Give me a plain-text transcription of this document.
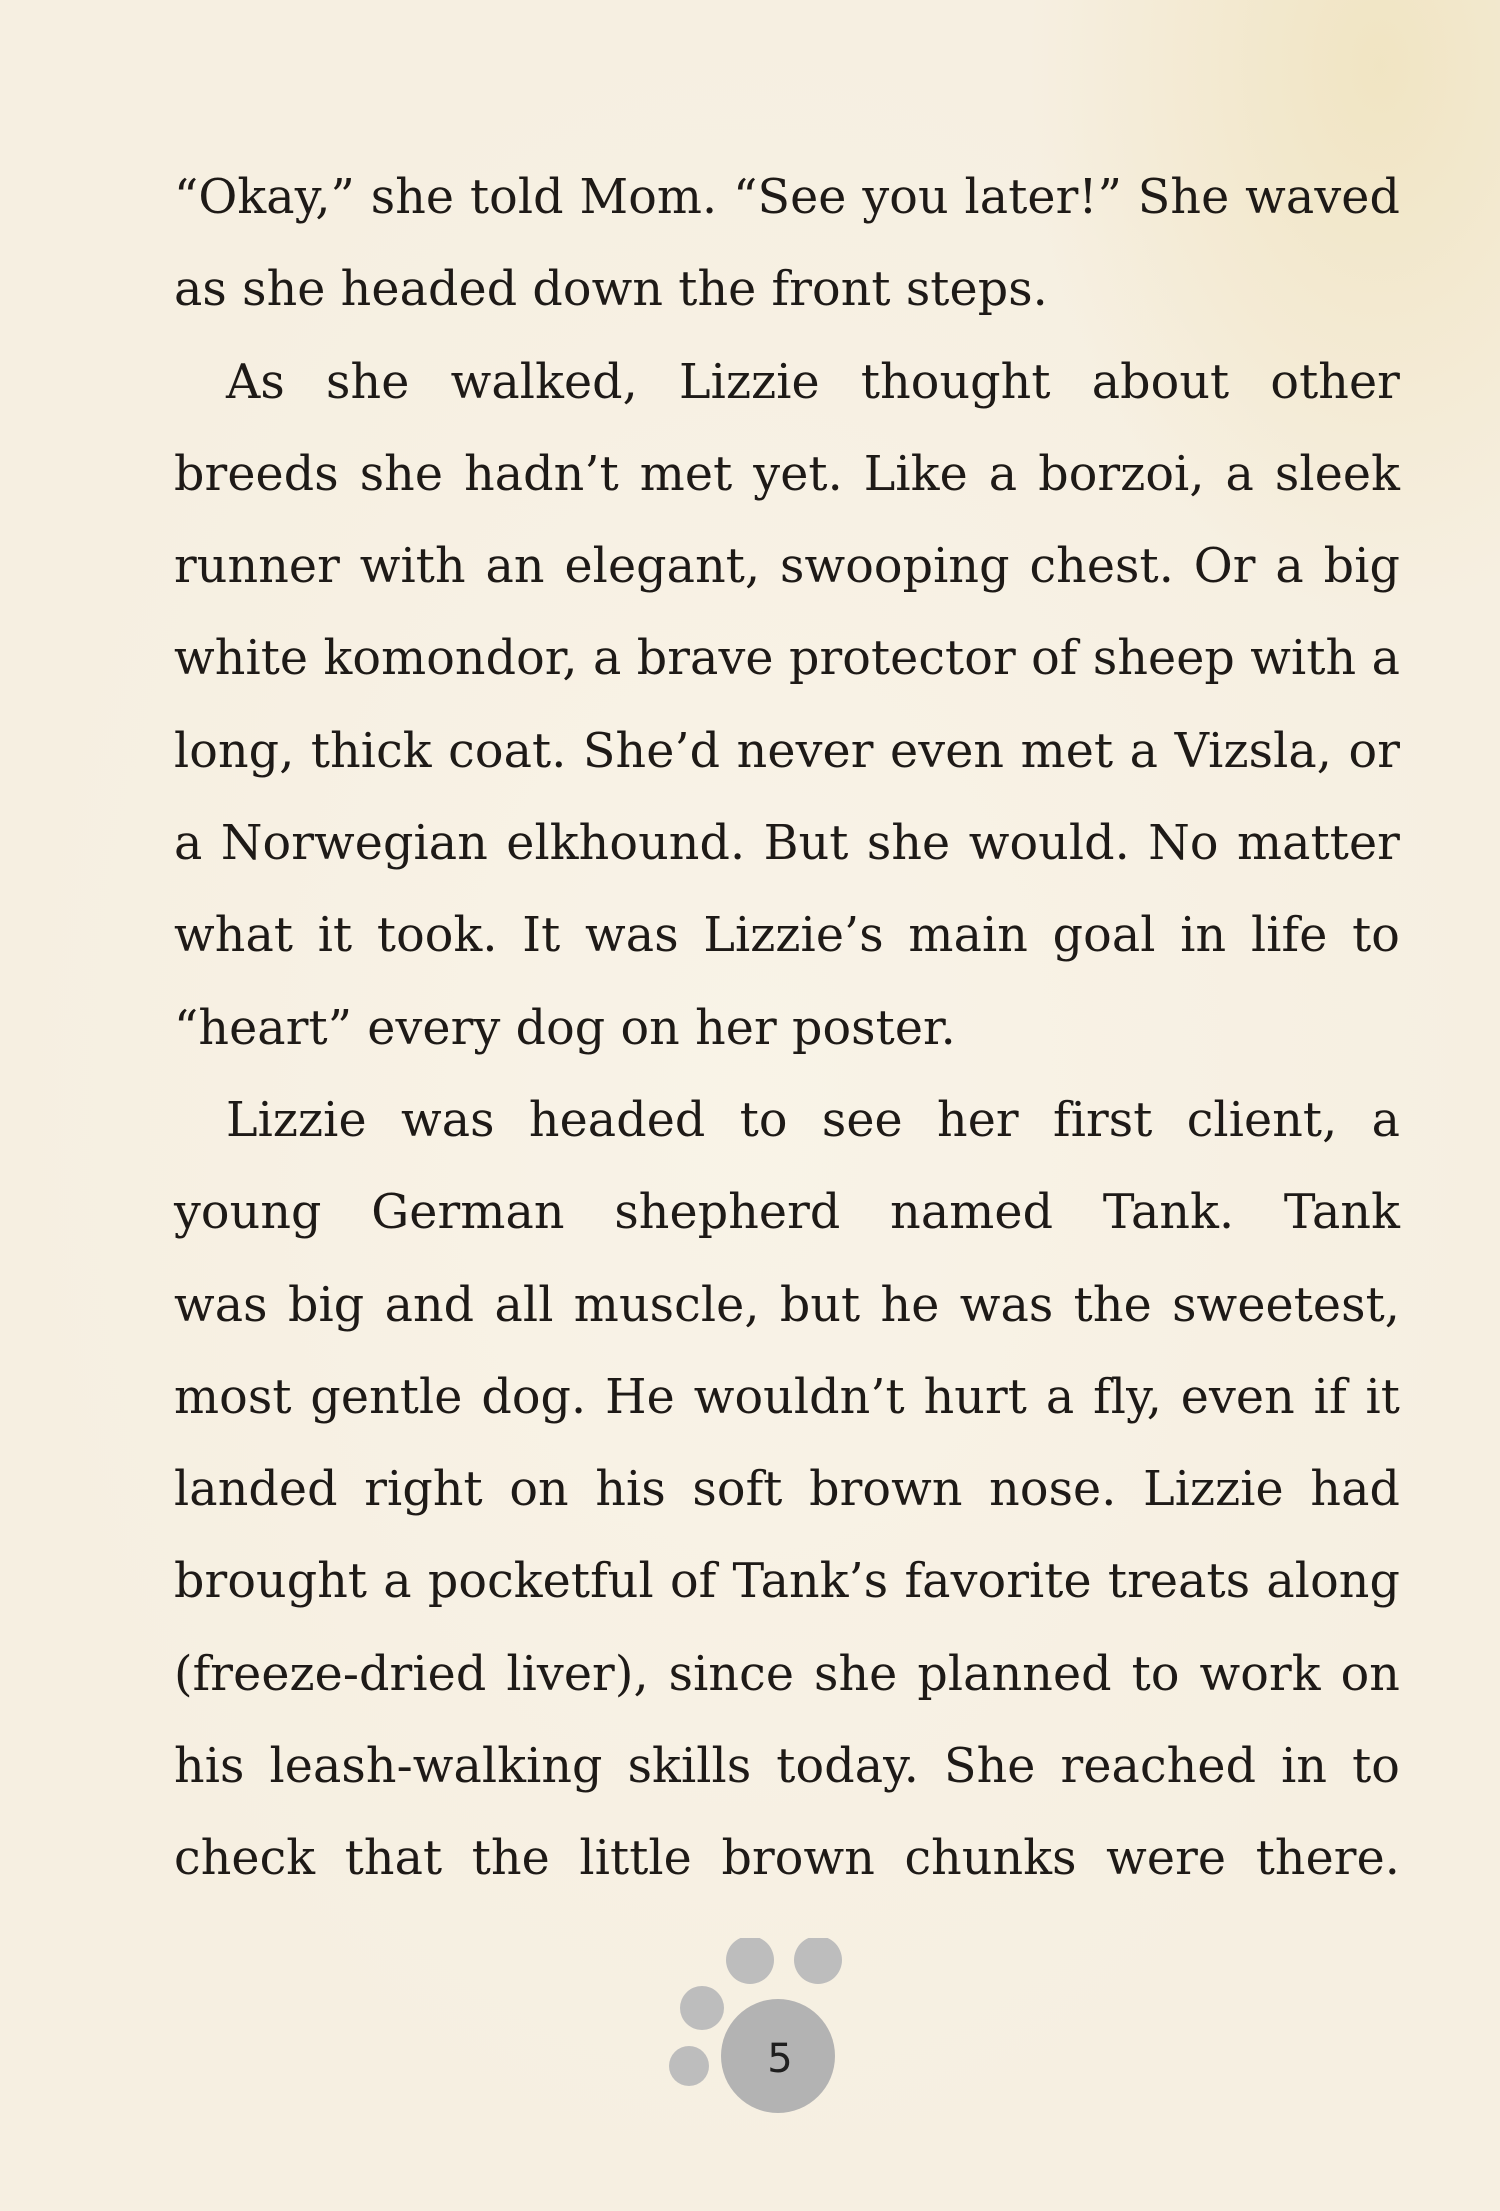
“Okay,” she told Mom. “See you later!” She waved
as she headed down the front steps.
As she walked, Lizzie thought about other
breeds she hadn’t met yet. Like a borzoi, a sleek
runner with an elegant, swooping chest. Or a big
white komondor, a brave protector of sheep with a
long, thick coat. She’d never even met a Vizsla, or
a Norwegian elkhound. But she would. No matter
what it took. It was Lizzie’s main goal in life to
“heart” every dog on her poster.
Lizzie was headed to see her first client, a
young German shepherd named Tank. Tank
was big and all muscle, but he was the sweetest,
most gentle dog. He wouldn’t hurt a fly, even if it
landed right on his soft brown nose. Lizzie had
brought a pocketful of Tank’s favorite treats along
(freeze-dried liver), since she planned to work on
his leash-walking skills today. She reached in to
check that the little brown chunks were there.
5
